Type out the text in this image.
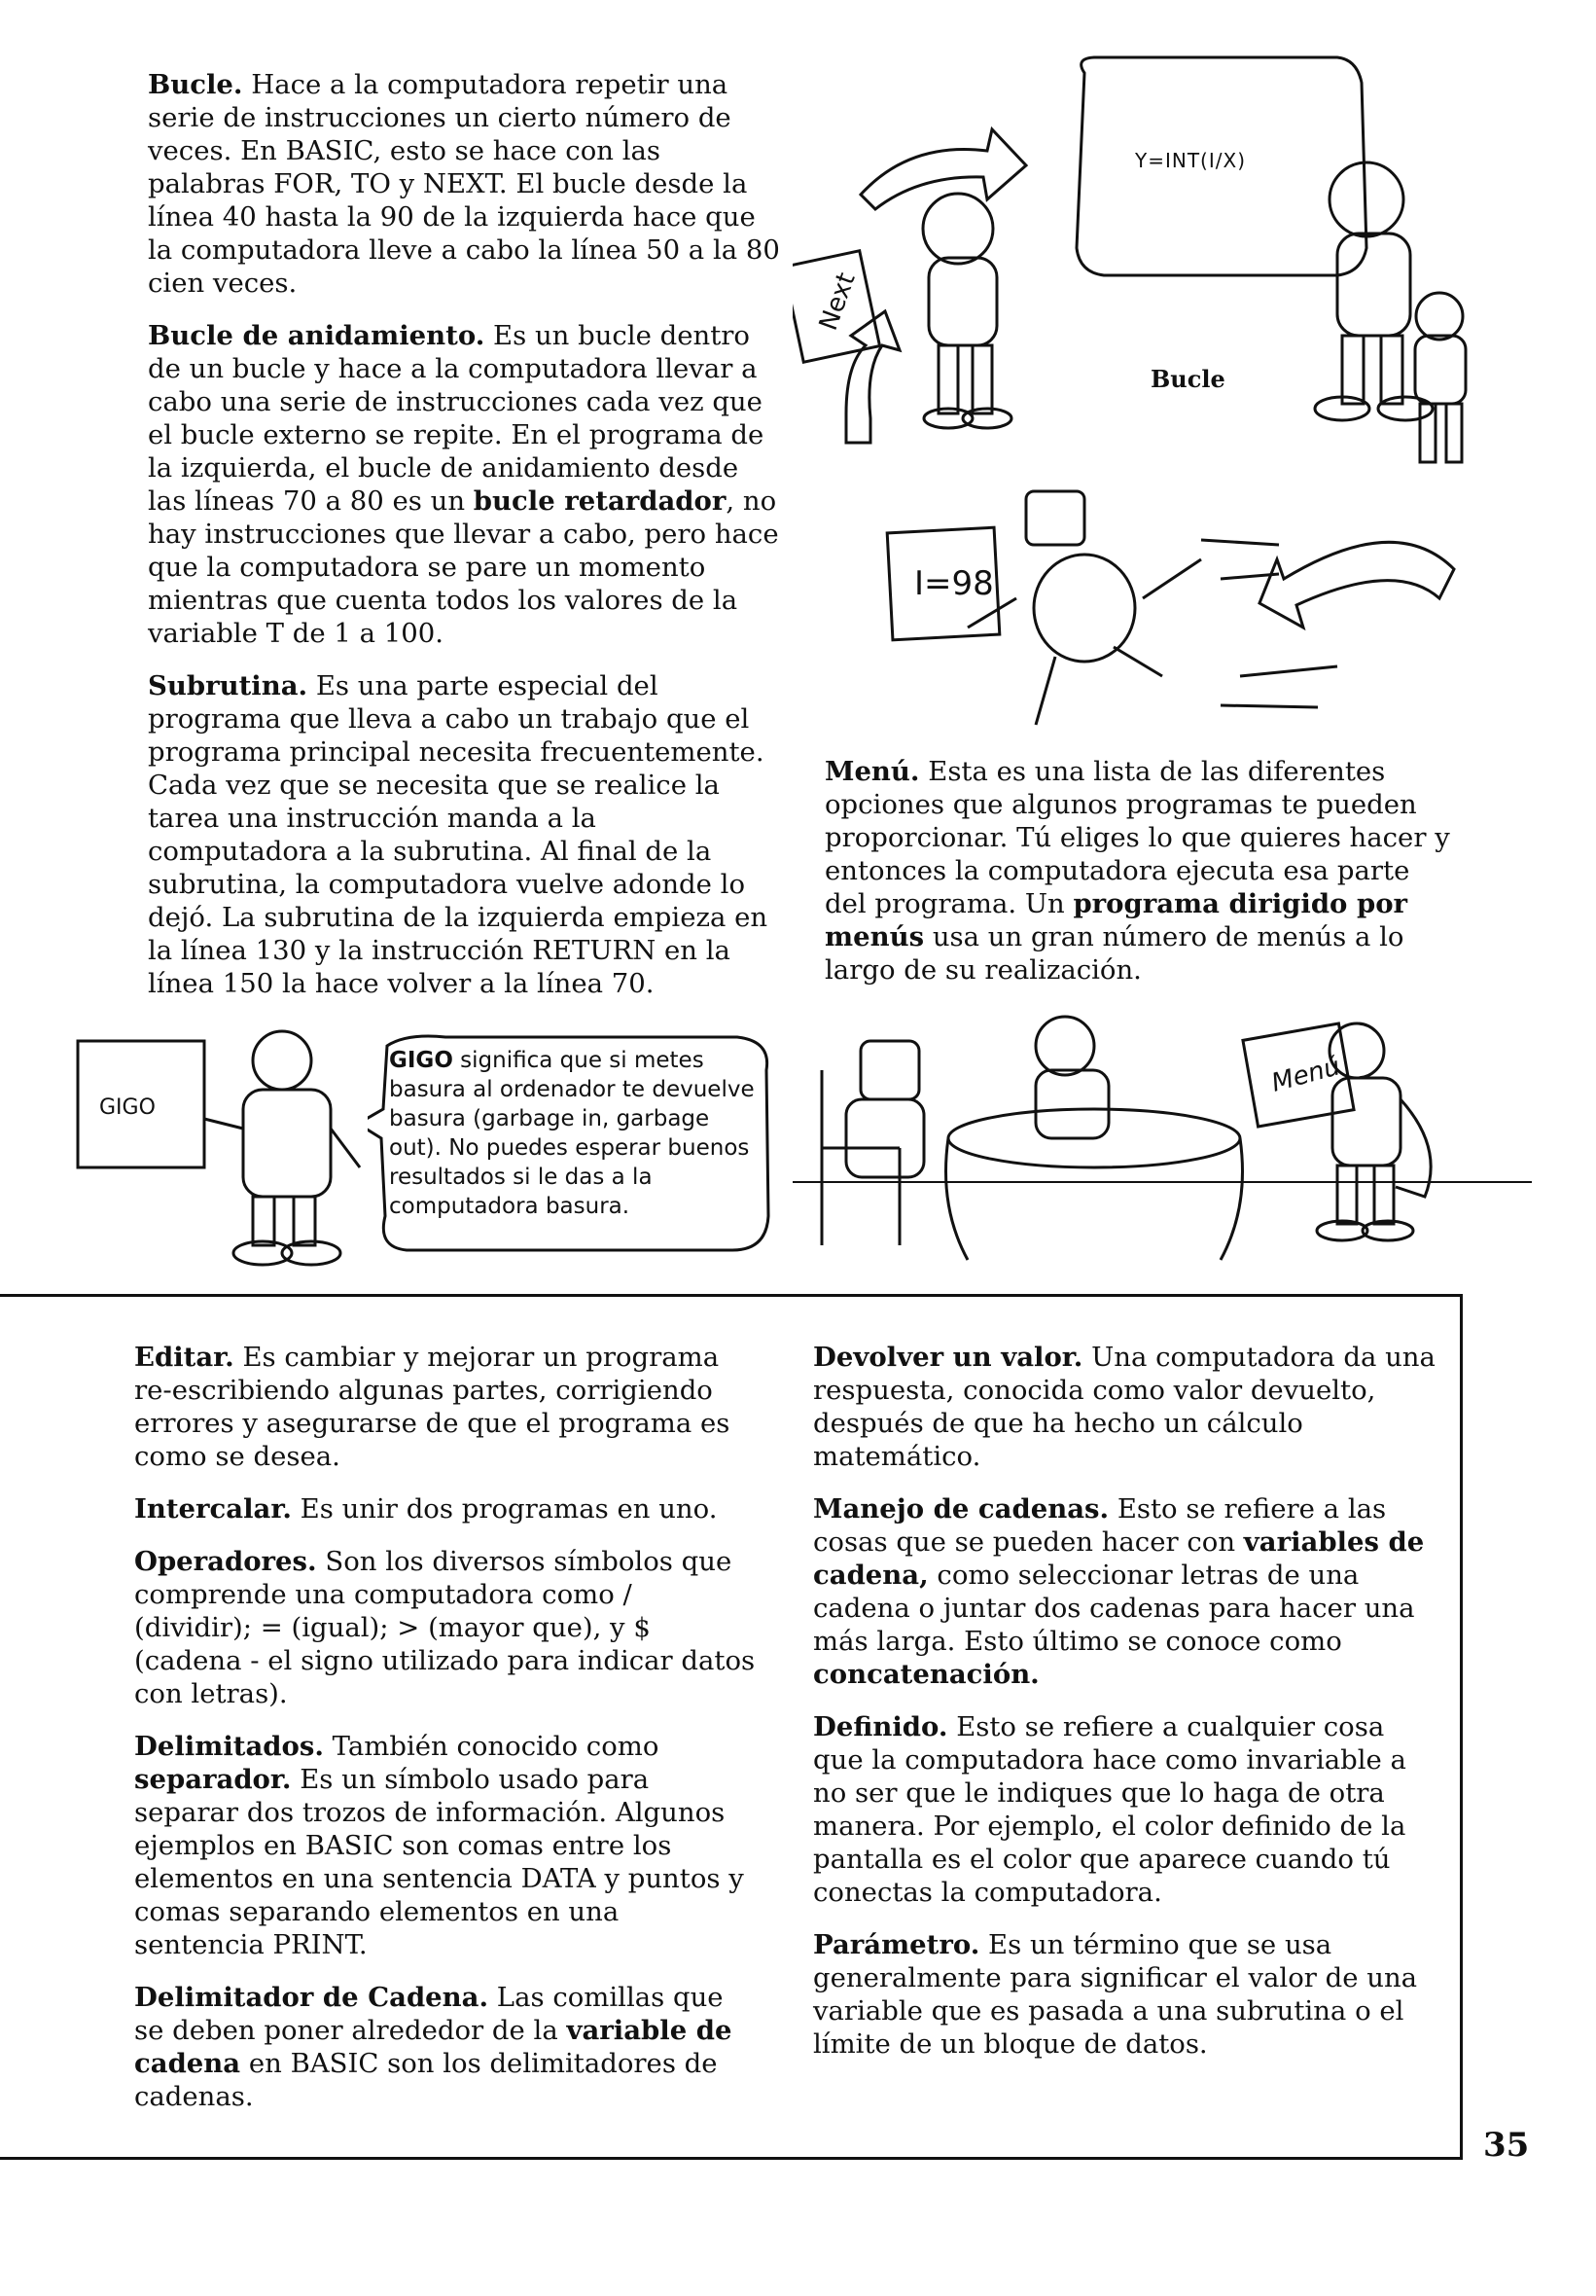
Bucle. Hace a la computadora repetir una serie de instrucciones un cierto número de veces. En BASIC, esto se hace con las palabras FOR, TO y NEXT. El bucle desde la línea 40 hasta la 90 de la izquierda hace que la computadora lleve a cabo la línea 50 a la 80 cien veces.

Bucle de anidamiento. Es un bucle dentro de un bucle y hace a la computadora llevar a cabo una serie de instrucciones cada vez que el bucle externo se repite. En el programa de la izquierda, el bucle de anidamiento desde las líneas 70 a 80 es un bucle retardador, no hay instrucciones que llevar a cabo, pero hace que la computadora se pare un momento mientras que cuenta todos los valores de la variable T de 1 a 100.

Subrutina. Es una parte especial del programa que lleva a cabo un trabajo que el programa principal necesita frecuentemente. Cada vez que se necesita que se realice la tarea una instrucción manda a la computadora a la subrutina. Al final de la subrutina, la computadora vuelve adonde lo dejó. La subrutina de la izquierda empieza en la línea 130 y la instrucción RETURN en la línea 150 la hace volver a la línea 70.

Y=INT(I/X)
Bucle
Next
I=98

Menú. Esta es una lista de las diferentes opciones que algunos programas te pueden proporcionar. Tú eliges lo que quieres hacer y entonces la computadora ejecuta esa parte del programa. Un programa dirigido por menús usa un gran número de menús a lo largo de su realización.

GIGO
GIGO significa que si metes basura al ordenador te devuelve basura (garbage in, garbage out). No puedes esperar buenos resultados si le das a la computadora basura.
Menú

Editar. Es cambiar y mejorar un programa re-escribiendo algunas partes, corrigiendo errores y asegurarse de que el programa es como se desea.

Intercalar. Es unir dos programas en uno.

Operadores. Son los diversos símbolos que comprende una computadora como / (dividir); = (igual); > (mayor que), y $ (cadena - el signo utilizado para indicar datos con letras).

Delimitados. También conocido como separador. Es un símbolo usado para separar dos trozos de información. Algunos ejemplos en BASIC son comas entre los elementos en una sentencia DATA y puntos y comas separando elementos en una sentencia PRINT.

Delimitador de Cadena. Las comillas que se deben poner alrededor de la variable de cadena en BASIC son los delimitadores de cadenas.

Devolver un valor. Una computadora da una respuesta, conocida como valor devuelto, después de que ha hecho un cálculo matemático.

Manejo de cadenas. Esto se refiere a las cosas que se pueden hacer con variables de cadena, como seleccionar letras de una cadena o juntar dos cadenas para hacer una más larga. Esto último se conoce como concatenación.

Definido. Esto se refiere a cualquier cosa que la computadora hace como invariable a no ser que le indiques que lo haga de otra manera. Por ejemplo, el color definido de la pantalla es el color que aparece cuando tú conectas la computadora.

Parámetro. Es un término que se usa generalmente para significar el valor de una variable que es pasada a una subrutina o el límite de un bloque de datos.

35
